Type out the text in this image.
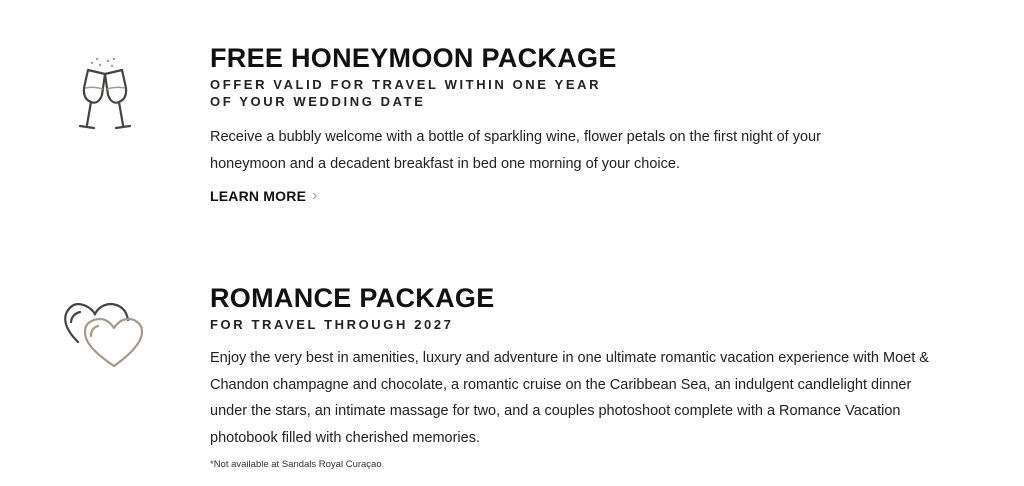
FREE HONEYMOON PACKAGE
OFFER VALID FOR TRAVEL WITHIN ONE YEAR
OF YOUR WEDDING DATE

Receive a bubbly welcome with a bottle of sparkling wine, flower petals on the first night of your honeymoon and a decadent breakfast in bed one morning of your choice.

LEARN MORE ›
ROMANCE PACKAGE
FOR TRAVEL THROUGH 2027

Enjoy the very best in amenities, luxury and adventure in one ultimate romantic vacation experience with Moet & Chandon champagne and chocolate, a romantic cruise on the Caribbean Sea, an indulgent candlelight dinner under the stars, an intimate massage for two, and a couples photoshoot complete with a Romance Vacation photobook filled with cherished memories.

*Not available at Sandals Royal Curaçao
